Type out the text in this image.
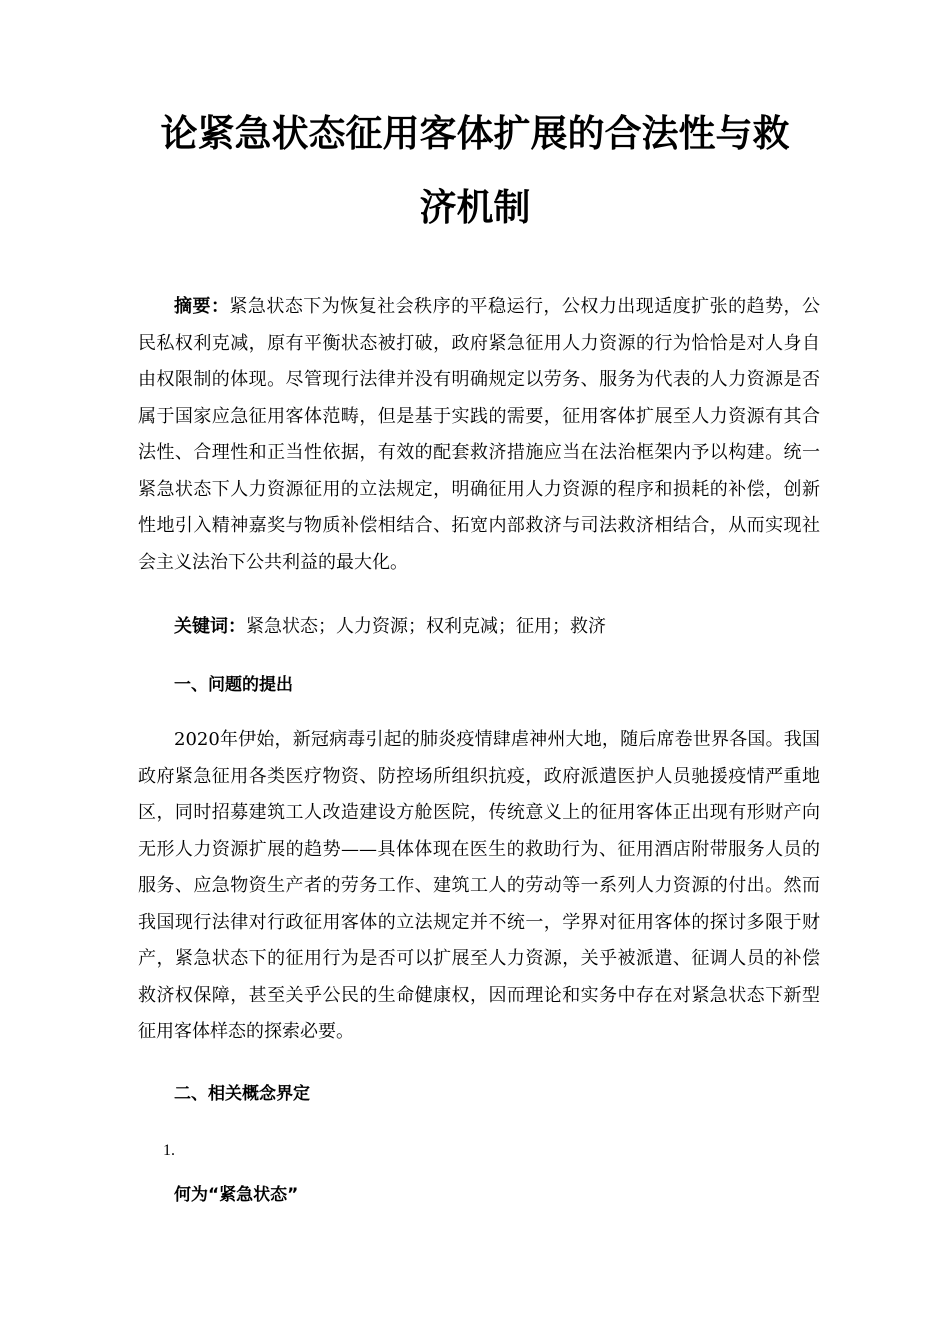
论紧急状态征用客体扩展的合法性与救
济机制

摘要：紧急状态下为恢复社会秩序的平稳运行，公权力出现适度扩张的趋势，公民私权利克减，原有平衡状态被打破，政府紧急征用人力资源的行为恰恰是对人身自由权限制的体现。尽管现行法律并没有明确规定以劳务、服务为代表的人力资源是否属于国家应急征用客体范畴，但是基于实践的需要，征用客体扩展至人力资源有其合法性、合理性和正当性依据，有效的配套救济措施应当在法治框架内予以构建。统一紧急状态下人力资源征用的立法规定，明确征用人力资源的程序和损耗的补偿，创新性地引入精神嘉奖与物质补偿相结合、拓宽内部救济与司法救济相结合，从而实现社会主义法治下公共利益的最大化。

关键词：紧急状态；人力资源；权利克减；征用；救济

一、问题的提出

2020年伊始，新冠病毒引起的肺炎疫情肆虐神州大地，随后席卷世界各国。我国政府紧急征用各类医疗物资、防控场所组织抗疫，政府派遣医护人员驰援疫情严重地区，同时招募建筑工人改造建设方舱医院，传统意义上的征用客体正出现有形财产向无形人力资源扩展的趋势——具体体现在医生的救助行为、征用酒店附带服务人员的服务、应急物资生产者的劳务工作、建筑工人的劳动等一系列人力资源的付出。然而我国现行法律对行政征用客体的立法规定并不统一，学界对征用客体的探讨多限于财产，紧急状态下的征用行为是否可以扩展至人力资源，关乎被派遣、征调人员的补偿救济权保障，甚至关乎公民的生命健康权，因而理论和实务中存在对紧急状态下新型征用客体样态的探索必要。

二、相关概念界定

1.

何为“紧急状态”
